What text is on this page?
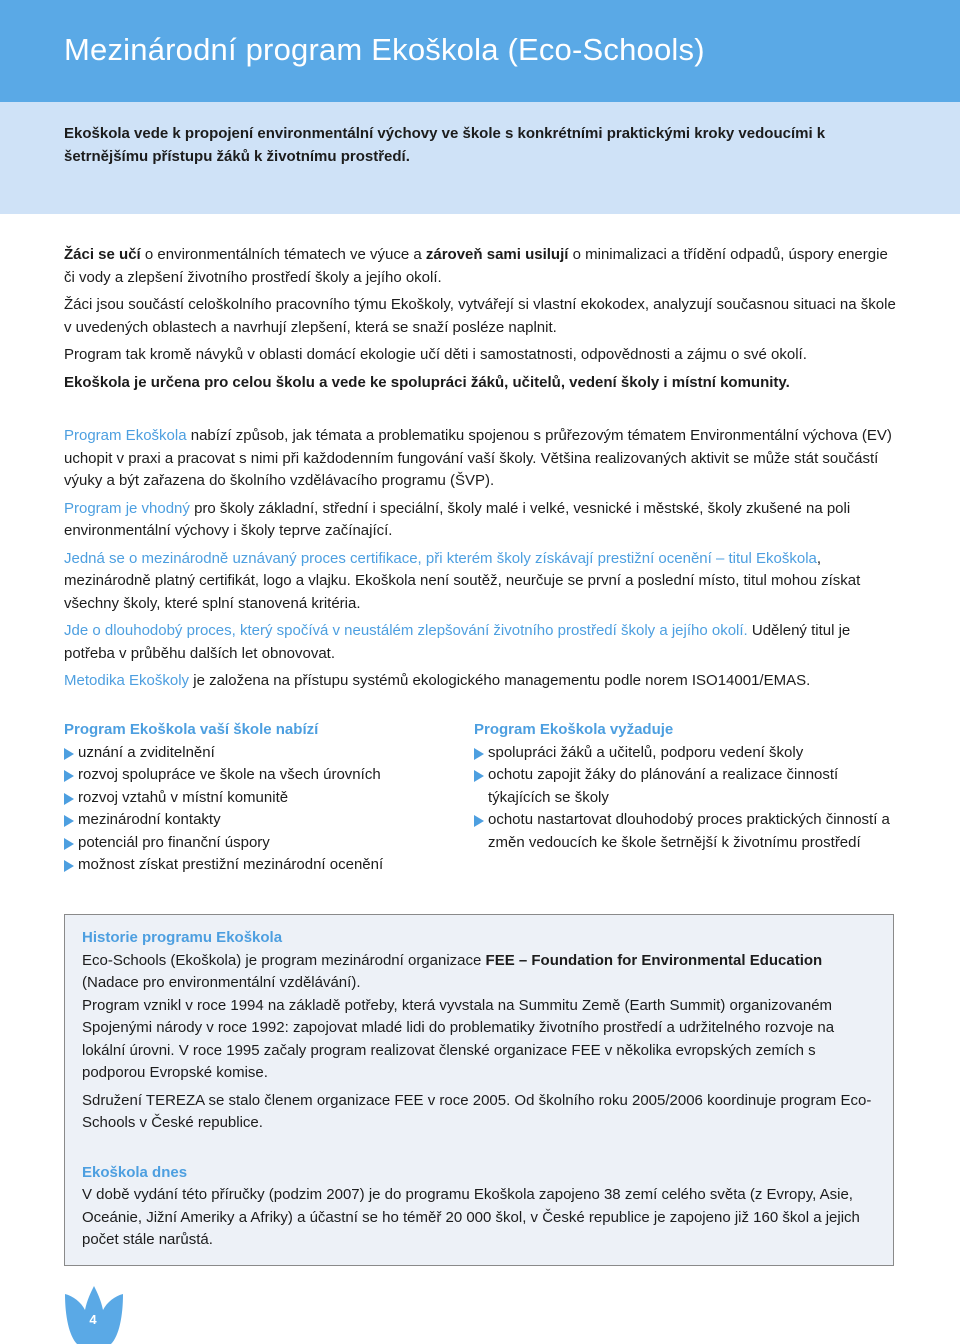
Mezinárodní program Ekoškola (Eco-Schools)

Ekoškola vede k propojení environmentální výchovy ve škole s konkrétními praktickými kroky vedoucími k šetrnějšímu přístupu žáků k životnímu prostředí.

Žáci se učí o environmentálních tématech ve výuce a zároveň sami usilují o minimalizaci a třídění odpadů, úspory energie či vody a zlepšení životního prostředí školy a jejího okolí.

Žáci jsou součástí celoškolního pracovního týmu Ekoškoly, vytvářejí si vlastní ekokodex, analyzují současnou situaci na škole v uvedených oblastech a navrhují zlepšení, která se snaží posléze naplnit.

Program tak kromě návyků v oblasti domácí ekologie učí děti i samostatnosti, odpovědnosti a zájmu o své okolí.

Ekoškola je určena pro celou školu a vede ke spolupráci žáků, učitelů, vedení školy i místní komunity.

Program Ekoškola nabízí způsob, jak témata a problematiku spojenou s průřezovým tématem Environmentální výchova (EV) uchopit v praxi a pracovat s nimi při každodenním fungování vaší školy. Většina realizovaných aktivit se může stát součástí výuky a být zařazena do školního vzdělávacího programu (ŠVP).

Program je vhodný pro školy základní, střední i speciální, školy malé i velké, vesnické i městské, školy zkušené na poli environmentální výchovy i školy teprve začínající.

Jedná se o mezinárodně uznávaný proces certifikace, při kterém školy získávají prestižní ocenění – titul Ekoškola, mezinárodně platný certifikát, logo a vlajku. Ekoškola není soutěž, neurčuje se první a poslední místo, titul mohou získat všechny školy, které splní stanovená kritéria.

Jde o dlouhodobý proces, který spočívá v neustálém zlepšování životního prostředí školy a jejího okolí. Udělený titul je potřeba v průběhu dalších let obnovovat.

Metodika Ekoškoly je založena na přístupu systémů ekologického managementu podle norem ISO14001/EMAS.

Program Ekoškola vaší škole nabízí
uznání a zviditelnění
rozvoj spolupráce ve škole na všech úrovních
rozvoj vztahů v místní komunitě
mezinárodní kontakty
potenciál pro finanční úspory
možnost získat prestižní mezinárodní ocenění
Program Ekoškola vyžaduje
spolupráci žáků a učitelů, podporu vedení školy
ochotu zapojit žáky do plánování a realizace činností týkajících se školy
ochotu nastartovat dlouhodobý proces praktických činností a změn vedoucích ke škole šetrnější k životnímu prostředí
Historie programu Ekoškola

Eco-Schools (Ekoškola) je program mezinárodní organizace FEE – Foundation for Environmental Education (Nadace pro environmentální vzdělávání).

Program vznikl v roce 1994 na základě potřeby, která vyvstala na Summitu Země (Earth Summit) organizovaném Spojenými národy v roce 1992: zapojovat mladé lidi do problematiky životního prostředí a udržitelného rozvoje na lokální úrovni. V roce 1995 začaly program realizovat členské organizace FEE v několika evropských zemích s podporou Evropské komise.

Sdružení TEREZA se stalo členem organizace FEE v roce 2005. Od školního roku 2005/2006 koordinuje program Eco-Schools v České republice.

Ekoškola dnes

V době vydání této příručky (podzim 2007) je do programu Ekoškola zapojeno 38 zemí celého světa (z Evropy, Asie, Oceánie, Jižní Ameriky a Afriky) a účastní se ho téměř 20 000 škol, v České republice je zapojeno již 160 škol a jejich počet stále narůstá.

4
